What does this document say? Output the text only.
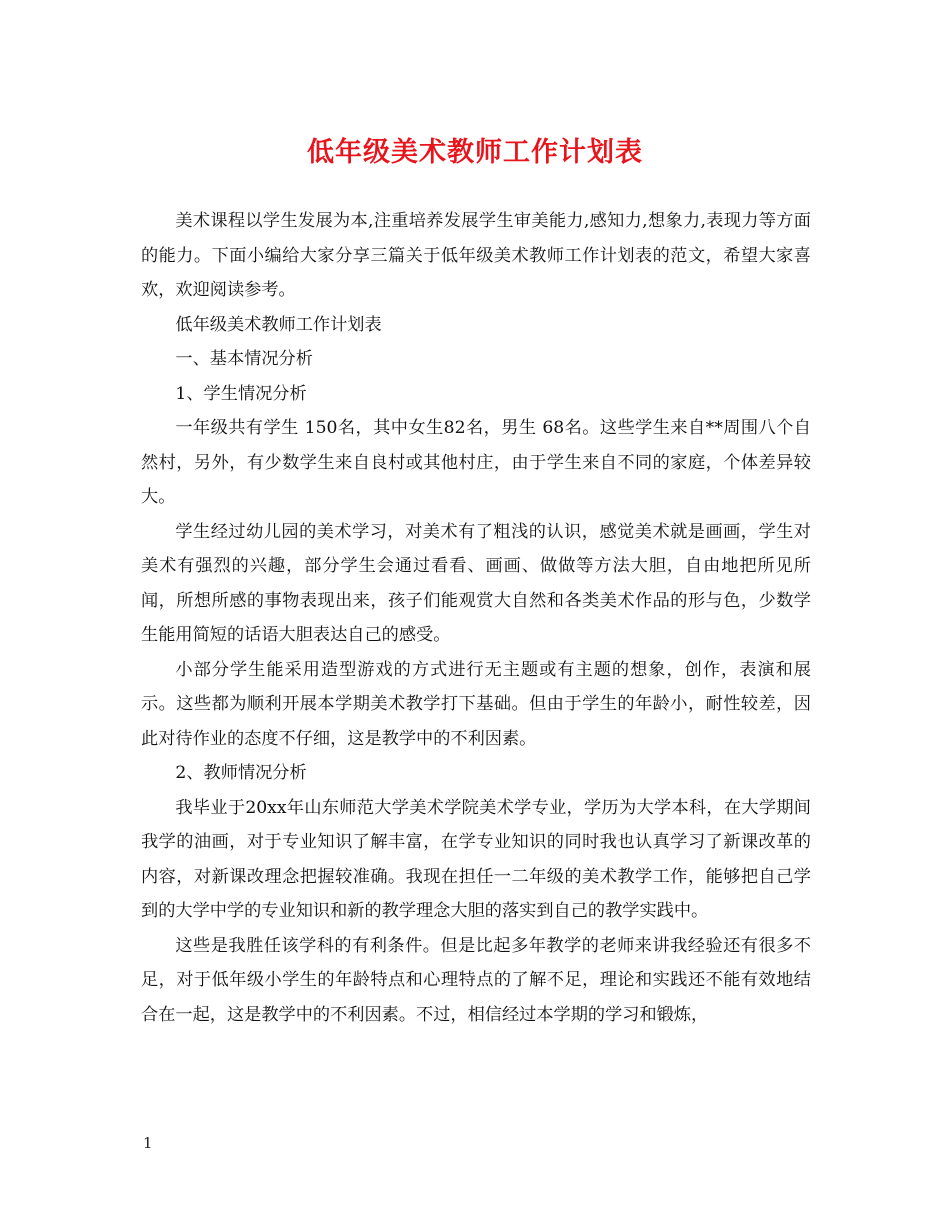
低年级美术教师工作计划表

美术课程以学生发展为本,注重培养发展学生审美能力,感知力,想象力,表现力等方面的能力。下面小编给大家分享三篇关于低年级美术教师工作计划表的范文，希望大家喜欢，欢迎阅读参考。

低年级美术教师工作计划表

一、基本情况分析

1、学生情况分析

一年级共有学生 150名，其中女生82名，男生 68名。这些学生来自**周围八个自然村，另外，有少数学生来自良村或其他村庄，由于学生来自不同的家庭，个体差异较大。

学生经过幼儿园的美术学习，对美术有了粗浅的认识，感觉美术就是画画，学生对美术有强烈的兴趣，部分学生会通过看看、画画、做做等方法大胆，自由地把所见所闻，所想所感的事物表现出来，孩子们能观赏大自然和各类美术作品的形与色，少数学生能用简短的话语大胆表达自己的感受。

小部分学生能采用造型游戏的方式进行无主题或有主题的想象，创作，表演和展示。这些都为顺利开展本学期美术教学打下基础。但由于学生的年龄小，耐性较差，因此对待作业的态度不仔细，这是教学中的不利因素。

2、教师情况分析

我毕业于20xx年山东师范大学美术学院美术学专业，学历为大学本科，在大学期间我学的油画，对于专业知识了解丰富，在学专业知识的同时我也认真学习了新课改革的内容，对新课改理念把握较准确。我现在担任一二年级的美术教学工作，能够把自己学到的大学中学的专业知识和新的教学理念大胆的落实到自己的教学实践中。

这些是我胜任该学科的有利条件。但是比起多年教学的老师来讲我经验还有很多不足，对于低年级小学生的年龄特点和心理特点的了解不足，理论和实践还不能有效地结合在一起，这是教学中的不利因素。不过，相信经过本学期的学习和锻炼，

1
